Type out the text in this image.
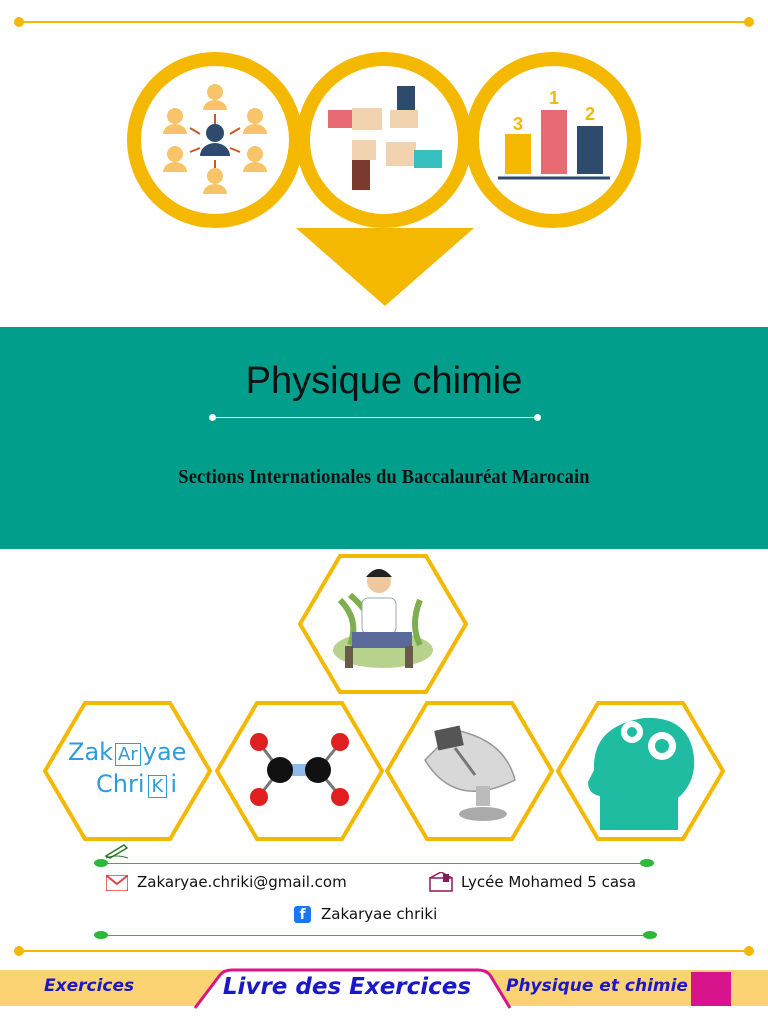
3
1
2
Physique chimie
Sections Internationales du Baccalauréat Marocain
Zak Ar yae
Chri K i
Zakaryae.chriki@gmail.com	Lycée Mohamed 5 casa
f	Zakaryae chriki
Exercices	Livre des Exercices Physique et chimie
